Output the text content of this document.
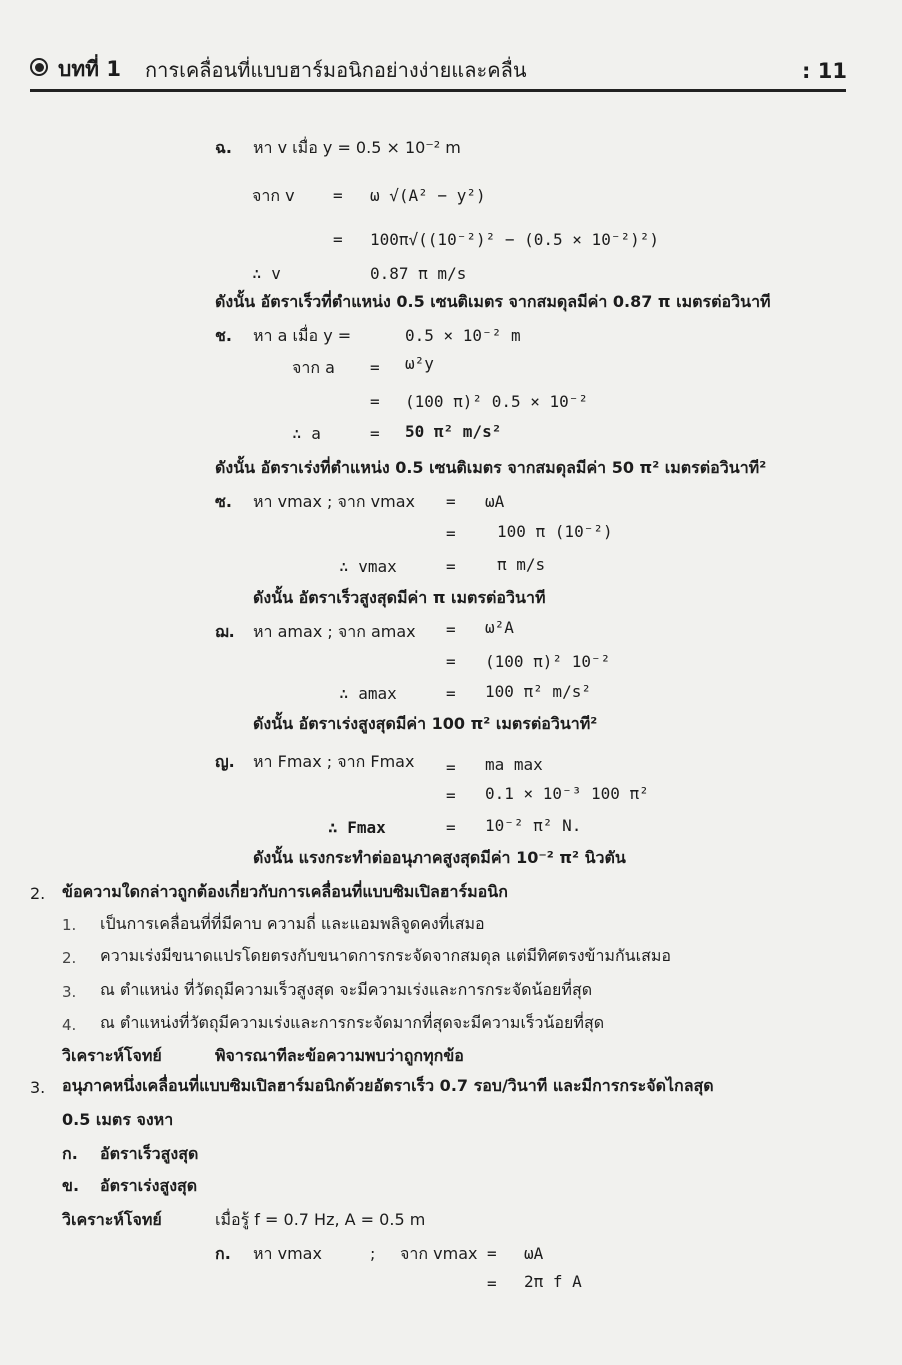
บทที่ 1 การเคลื่อนที่แบบฮาร์มอนิกอย่างง่ายและคลื่น	: 11
ฉ. หา v เมื่อ y = 0.5 × 10⁻² m
จาก v = ω √(A² − y²)
= 100π√((10⁻²)² − (0.5 × 10⁻²)²)
∴ v	0.87 π m/s
ดังนั้น อัตราเร็วที่ตำแหน่ง 0.5 เซนติเมตร จากสมดุลมีค่า 0.87 π เมตรต่อวินาที
ช. หา a เมื่อ y =	0.5 × 10⁻² m
จาก a = ω²y
= (100 π)² 0.5 × 10⁻²
∴ a	= 50 π² m/s²
ดังนั้น อัตราเร่งที่ตำแหน่ง 0.5 เซนติเมตร จากสมดุลมีค่า 50 π² เมตรต่อวินาที²
ซ. หา vmax ; จาก vmax = ωA
=	100 π (10⁻²)
∴ vmax	=	π m/s
ดังนั้น อัตราเร็วสูงสุดมีค่า π เมตรต่อวินาที
ฌ. หา amax ; จาก amax = ω²A
= (100 π)² 10⁻²
∴ amax	= 100 π² m/s²
ดังนั้น อัตราเร่งสูงสุดมีค่า 100 π² เมตรต่อวินาที²
ญ. หา Fmax ; จาก Fmax = ma max
= 0.1 × 10⁻³ 100 π²
∴ Fmax	= 10⁻² π² N.
ดังนั้น แรงกระทำต่ออนุภาคสูงสุดมีค่า 10⁻² π² นิวตัน
2. ข้อความใดกล่าวถูกต้องเกี่ยวกับการเคลื่อนที่แบบซิมเปิลฮาร์มอนิก
1. เป็นการเคลื่อนที่ที่มีคาบ ความถี่ และแอมพลิจูดคงที่เสมอ
2. ความเร่งมีขนาดแปรโดยตรงกับขนาดการกระจัดจากสมดุล แต่มีทิศตรงข้ามกันเสมอ
3. ณ ตำแหน่ง ที่วัตถุมีความเร็วสูงสุด จะมีความเร่งและการกระจัดน้อยที่สุด
4. ณ ตำแหน่งที่วัตถุมีความเร่งและการกระจัดมากที่สุดจะมีความเร็วน้อยที่สุด
วิเคราะห์โจทย์	พิจารณาทีละข้อความพบว่าถูกทุกข้อ
3. อนุภาคหนึ่งเคลื่อนที่แบบซิมเปิลฮาร์มอนิกด้วยอัตราเร็ว 0.7 รอบ/วินาที และมีการกระจัดไกลสุด
0.5 เมตร จงหา
ก. อัตราเร็วสูงสุด
ข. อัตราเร่งสูงสุด
วิเคราะห์โจทย์	เมื่อรู้ f = 0.7 Hz, A = 0.5 m
ก. หา vmax	; จาก vmax = ωA
= 2π f A
